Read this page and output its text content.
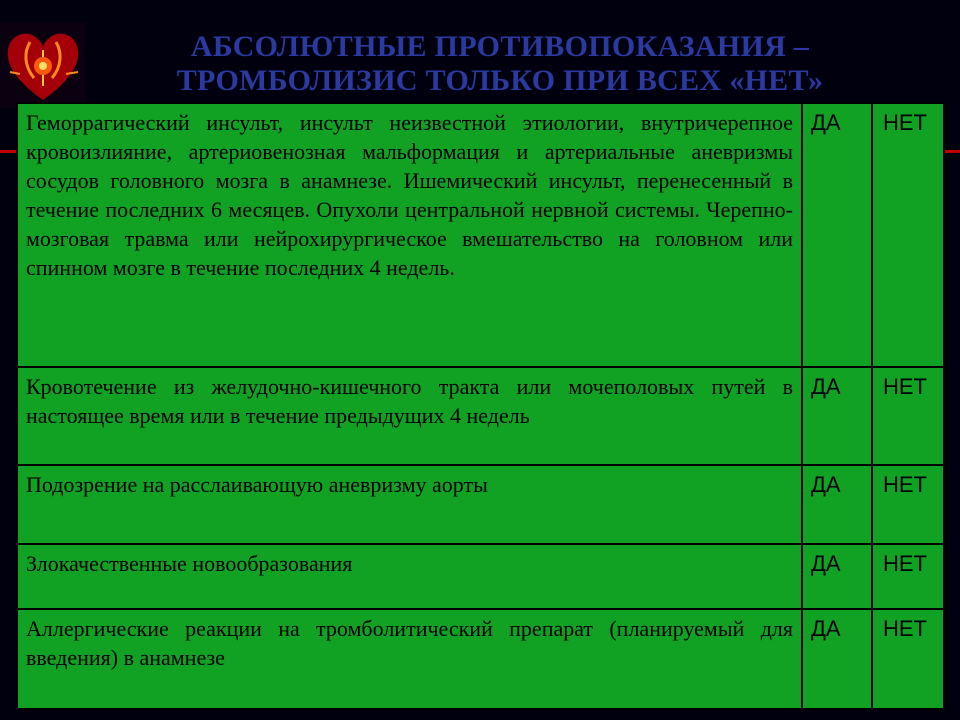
АБСОЛЮТНЫЕ ПРОТИВОПОКАЗАНИЯ –
ТРОМБОЛИЗИС ТОЛЬКО ПРИ ВСЕХ «НЕТ»
Геморрагический инсульт, инсульт неизвестной этиологии, внутричерепное кровоизлияние, артериовенозная мальформация и артериальные аневризмы сосудов головного мозга в анамнезе. Ишемический инсульт, перенесенный в течение последних 6 месяцев. Опухоли центральной нервной системы. Черепно-мозговая травма или нейрохирургическое вмешательство на головном или спинном мозге в течение последних 4 недель.	ДА	НЕТ
Кровотечение из желудочно-кишечного тракта или мочеполовых путей в настоящее время или в течение предыдущих 4 недель	ДА	НЕТ
Подозрение на расслаивающую аневризму аорты	ДА	НЕТ
Злокачественные новообразования	ДА	НЕТ
Аллергические реакции на тромболитический препарат (планируемый для введения) в анамнезе	ДА	НЕТ
